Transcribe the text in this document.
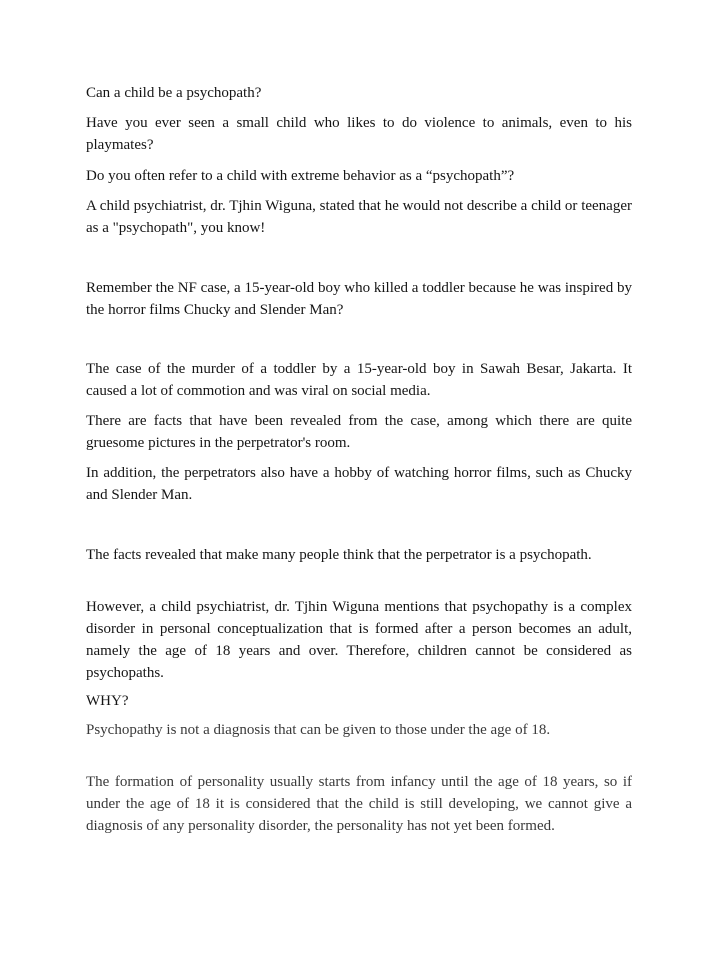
Can a child be a psychopath?

Have you ever seen a small child who likes to do violence to animals, even to his playmates?

Do you often refer to a child with extreme behavior as a “psychopath”?

A child psychiatrist, dr. Tjhin Wiguna, stated that he would not describe a child or teenager as a "psychopath", you know!

Remember the NF case, a 15-year-old boy who killed a toddler because he was inspired by the horror films Chucky and Slender Man?

The case of the murder of a toddler by a 15-year-old boy in Sawah Besar, Jakarta. It caused a lot of commotion and was viral on social media.

There are facts that have been revealed from the case, among which there are quite gruesome pictures in the perpetrator's room.

In addition, the perpetrators also have a hobby of watching horror films, such as Chucky and Slender Man.

The facts revealed that make many people think that the perpetrator is a psychopath.

However, a child psychiatrist, dr. Tjhin Wiguna mentions that psychopathy is a complex disorder in personal conceptualization that is formed after a person becomes an adult, namely the age of 18 years and over. Therefore, children cannot be considered as psychopaths.

WHY?

Psychopathy is not a diagnosis that can be given to those under the age of 18.

The formation of personality usually starts from infancy until the age of 18 years, so if under the age of 18 it is considered that the child is still developing, we cannot give a diagnosis of any personality disorder, the personality has not yet been formed.
